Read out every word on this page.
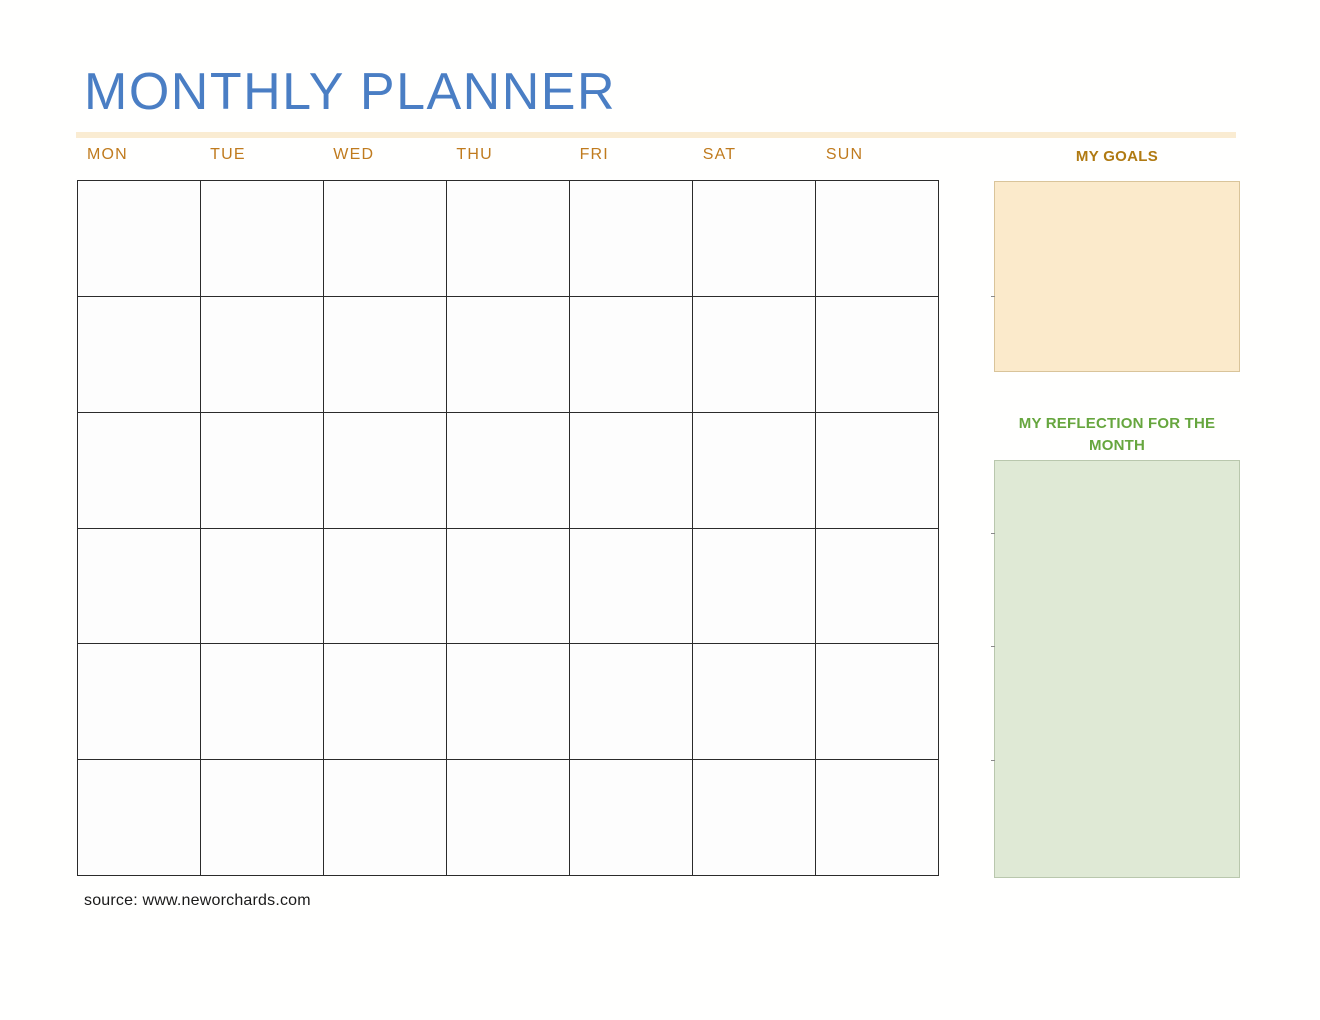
MONTHLY PLANNER
MON	TUE	WED	THU	FRI	SAT	SUN	MY GOALS
MY REFLECTION FOR THE MONTH
source: www.neworchards.com
